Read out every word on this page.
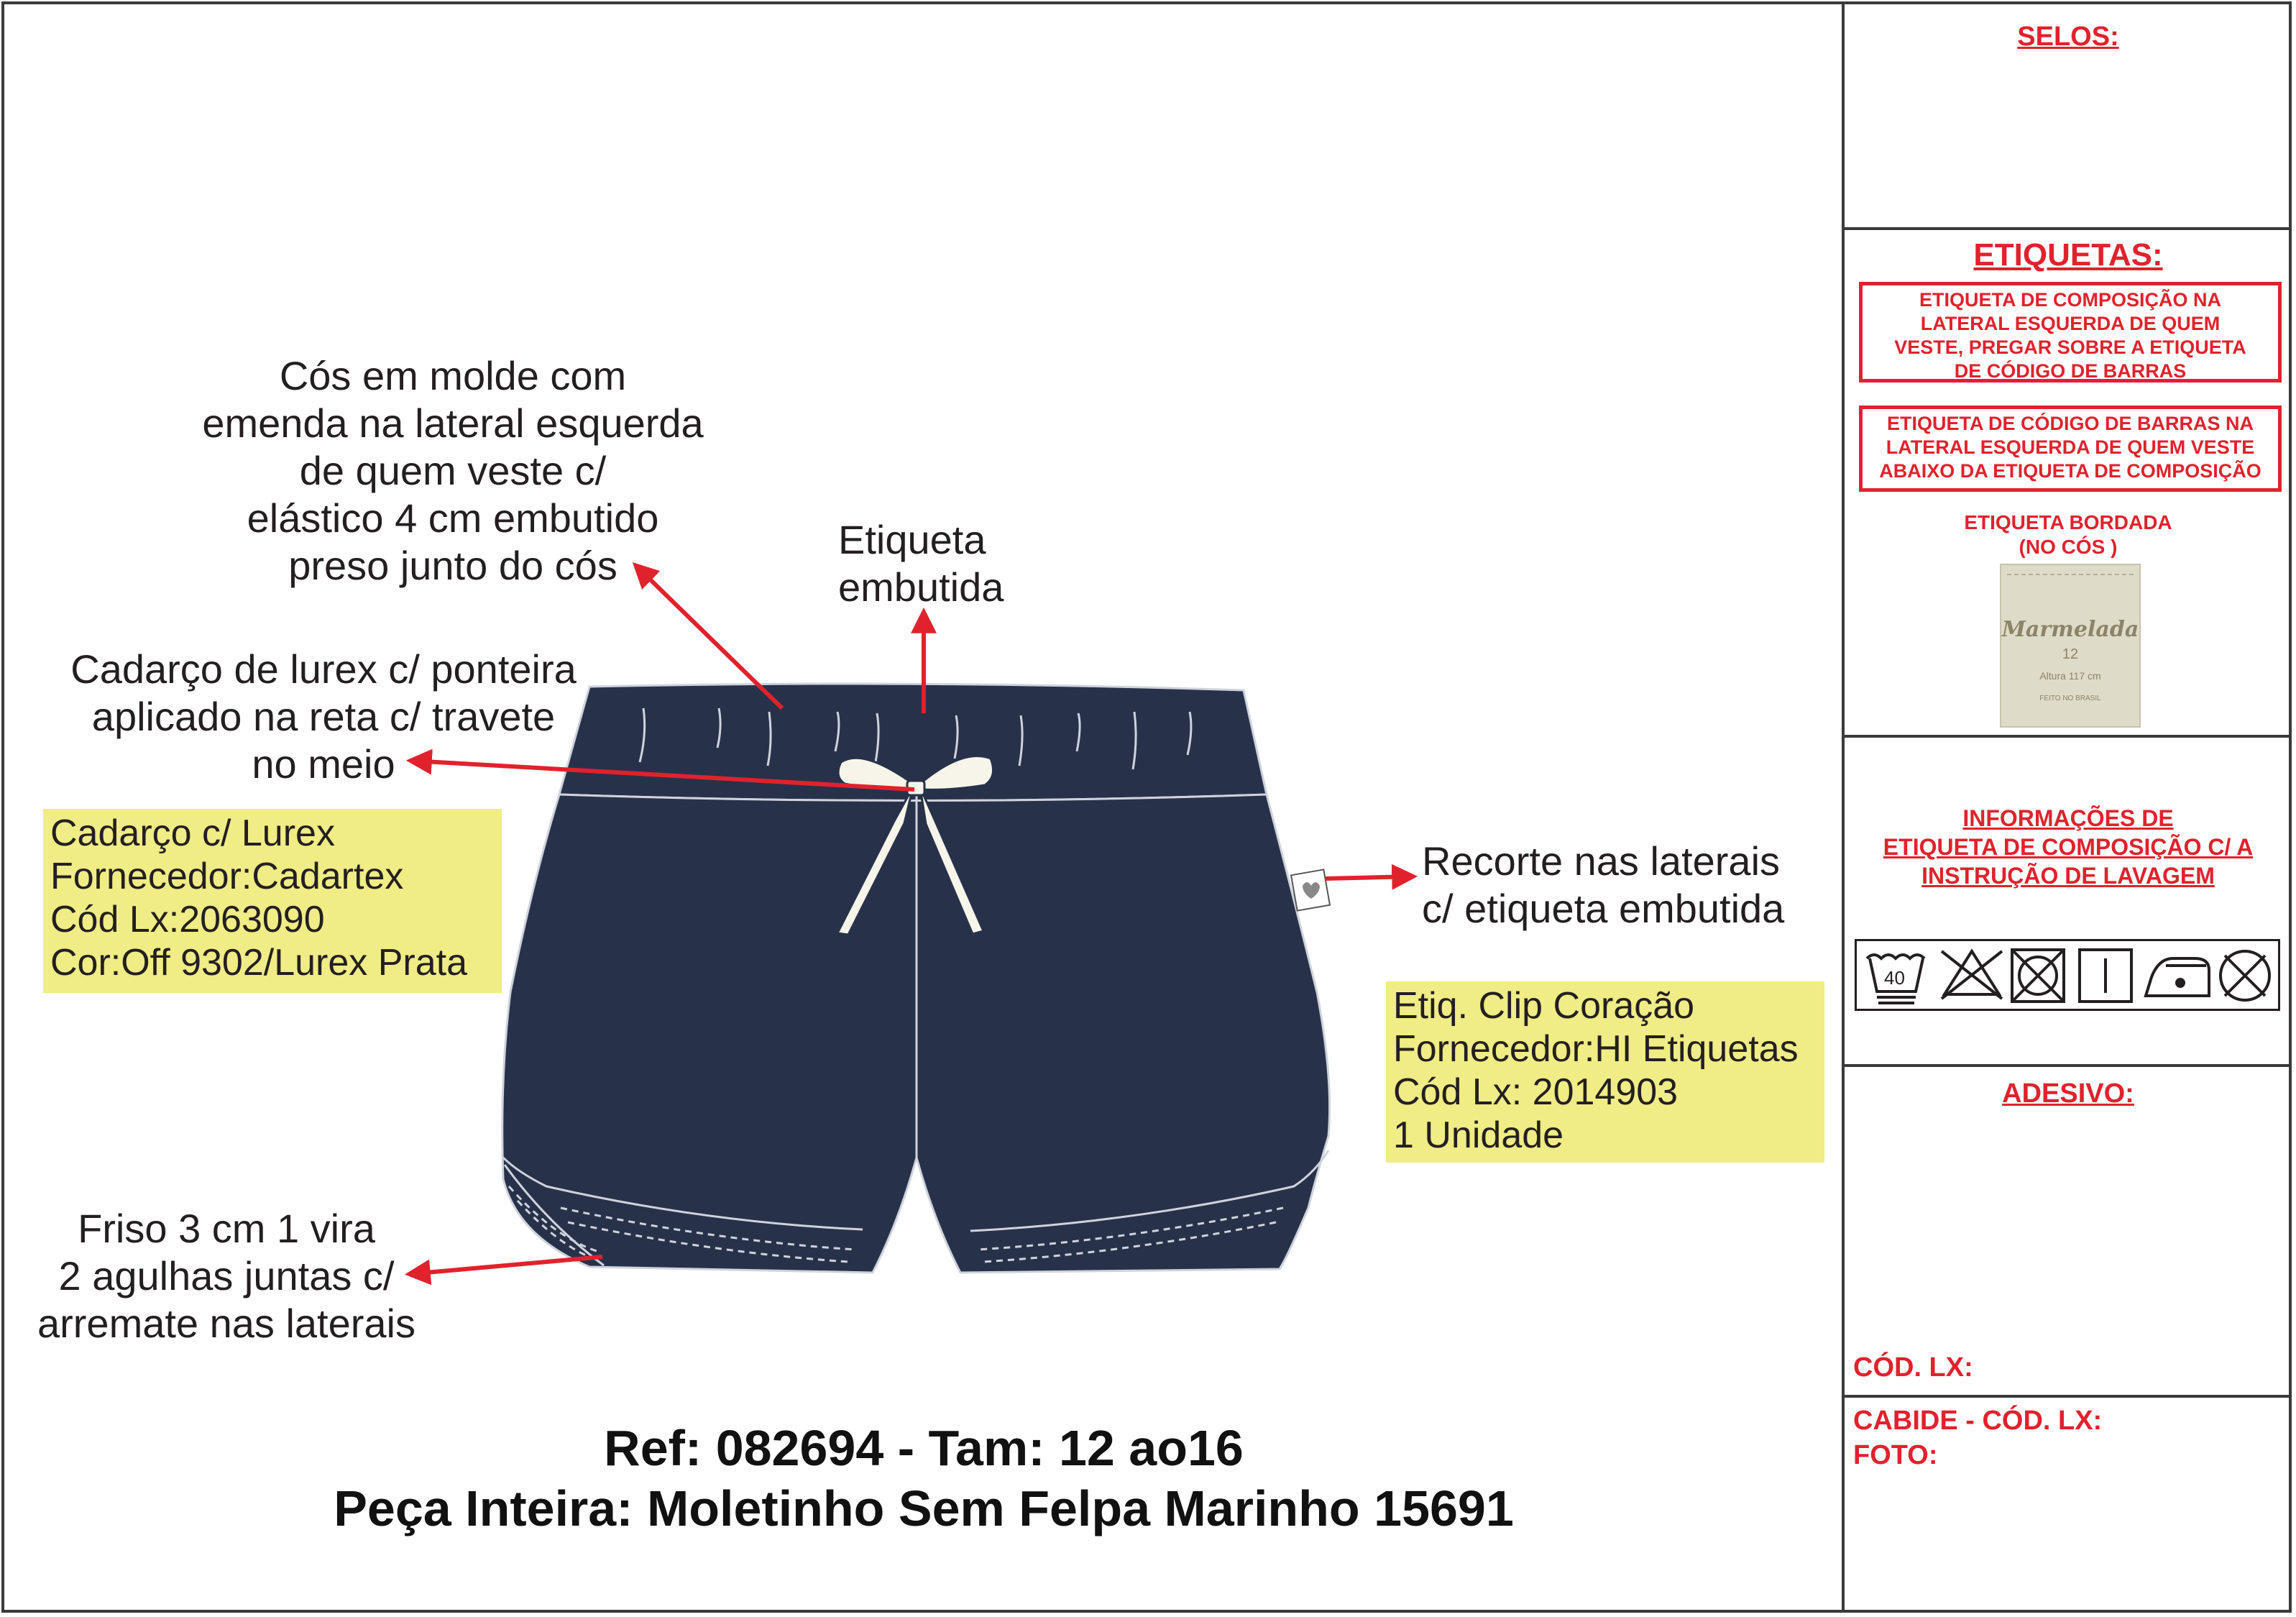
Cós em molde com
emenda na lateral esquerda
de quem veste c/
elástico 4 cm embutido
preso junto do cós
Etiqueta
embutida
Cadarço de lurex c/ ponteira
aplicado na reta c/ travete
no meio
Recorte nas laterais
c/ etiqueta embutida
Friso 3 cm 1 vira
2 agulhas juntas c/
arremate nas laterais
Cadarço c/ Lurex
Fornecedor:Cadartex
Cód Lx:2063090
Cor:Off 9302/Lurex Prata
Etiq. Clip Coração
Fornecedor:HI Etiquetas
Cód Lx: 2014903
1 Unidade
Ref: 082694 - Tam: 12 ao16
Peça Inteira: Moletinho Sem Felpa Marinho 15691
SELOS:
ETIQUETAS:
ETIQUETA DE COMPOSIÇÃO NA
LATERAL ESQUERDA DE QUEM
VESTE, PREGAR SOBRE A ETIQUETA
DE CÓDIGO DE BARRAS
ETIQUETA DE CÓDIGO DE BARRAS NA
LATERAL ESQUERDA DE QUEM VESTE
ABAIXO DA ETIQUETA DE COMPOSIÇÃO
ETIQUETA BORDADA
(NO CÓS )
Marmelada
12
Altura 117 cm
FEITO NO BRASIL
INFORMAÇÕES DE
ETIQUETA DE COMPOSIÇÃO C/ A
INSTRUÇÃO DE LAVAGEM
40
ADESIVO:
CÓD. LX:
CABIDE - CÓD. LX:
FOTO:
